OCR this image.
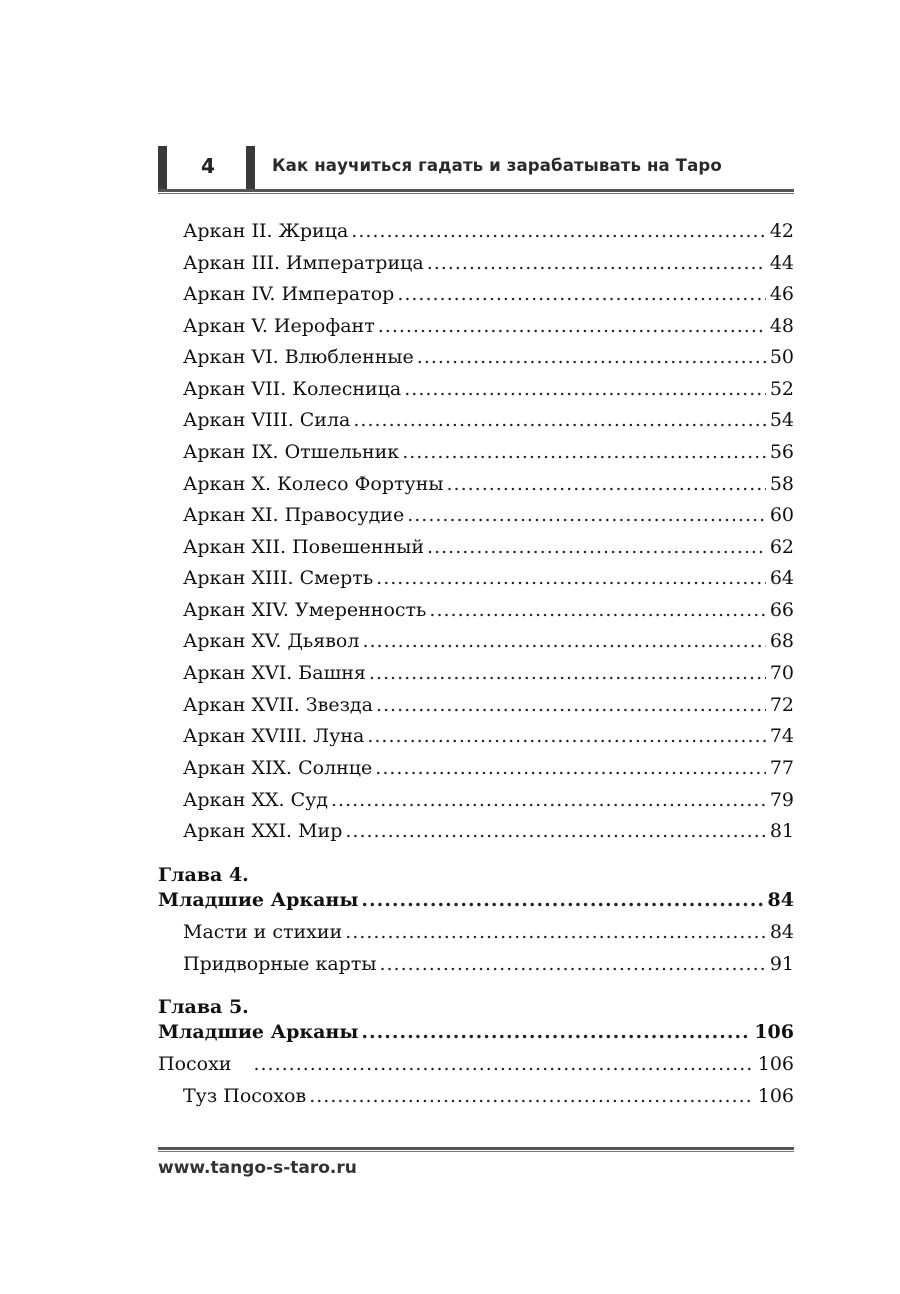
4	Как научиться гадать и зарабатывать на Таро
Аркан II. Жрица .....	42
Аркан III. Императрица .....	44
Аркан IV. Император .....	46
Аркан V. Иерофант .....	48
Аркан VI. Влюбленные .....	50
Аркан VII. Колесница .....	52
Аркан VIII. Сила .....	54
Аркан IX. Отшельник .....	56
Аркан X. Колесо Фортуны .....	58
Аркан XI. Правосудие .....	60
Аркан XII. Повешенный .....	62
Аркан XIII. Смерть .....	64
Аркан XIV. Умеренность .....	66
Аркан XV. Дьявол .....	68
Аркан XVI. Башня .....	70
Аркан XVII. Звезда .....	72
Аркан XVIII. Луна .....	74
Аркан XIX. Солнце .....	77
Аркан XX. Суд .....	79
Аркан XXI. Мир .....	81
Глава 4.
Младшие Арканы .....	84
Масти и стихии .....	84
Придворные карты .....	91
Глава 5.
Младшие Арканы .....	106
Посохи .....	106
Туз Посохов .....	106
www.tango-s-taro.ru
